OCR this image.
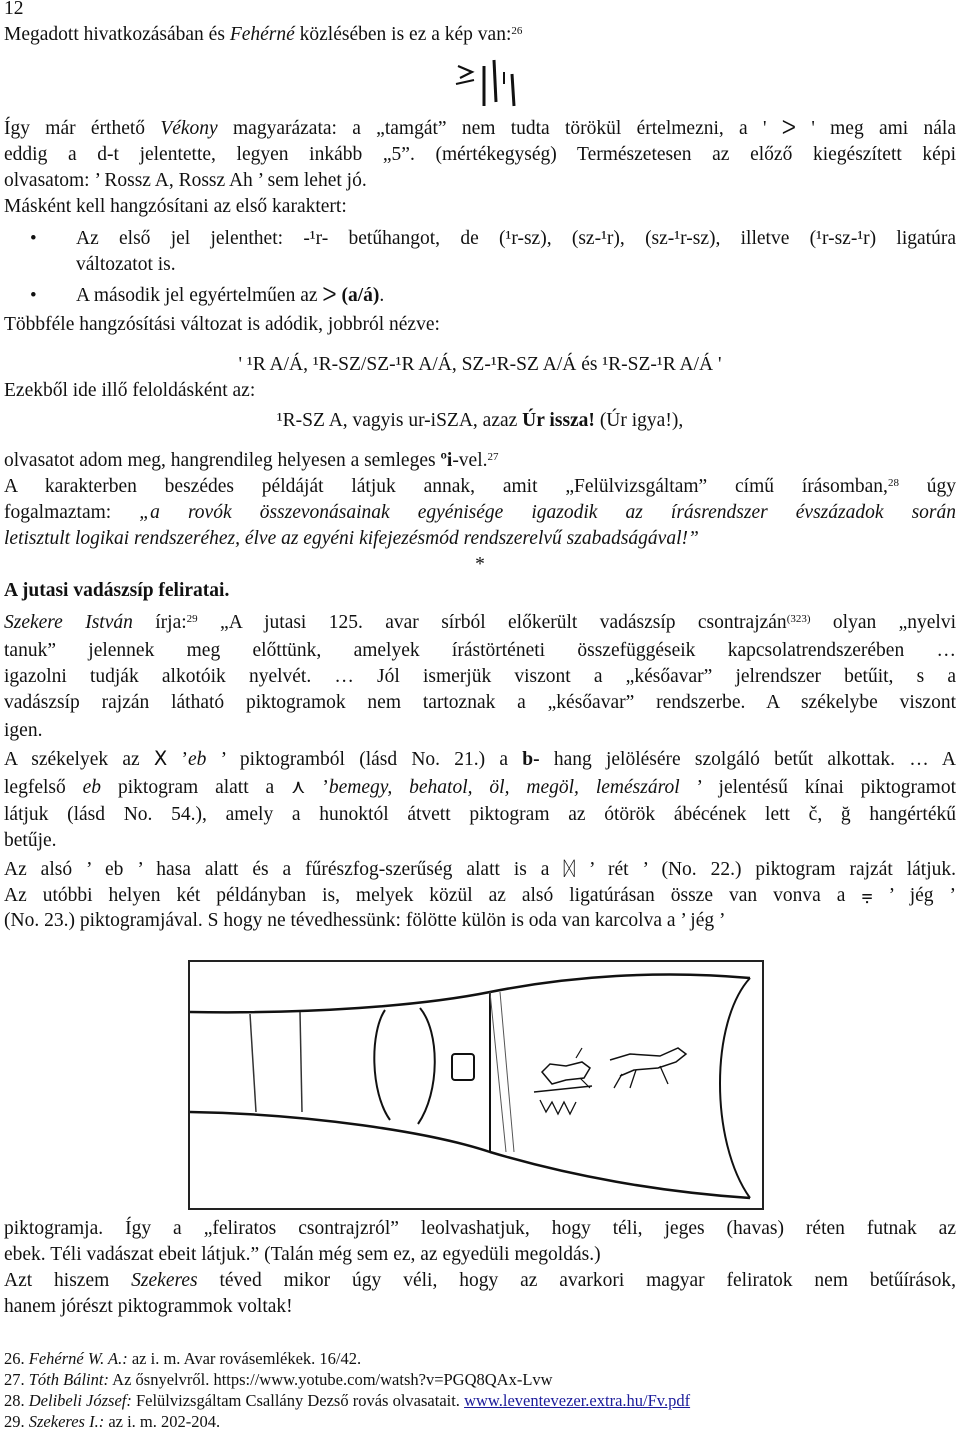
12
Megadott hivatkozásában és Fehérné közlésében is ez a kép van:$^{26}$
Így már érthető Vékony magyarázata: a „tamgát” nem tudta törökül értelmezni, a ' ᐳ ' meg ami nála
eddig a d-t jelentette, legyen inkább „5”. (mértékegység) Természetesen az előző kiegészített képi
olvasatom: ’ Rossz A, Rossz Ah ’ sem lehet jó.
Másként kell hangzósítani az első karaktert:
• Az első jel jelenthet: -¹r- betűhangot, de (¹r-sz), (sz-¹r), (sz-¹r-sz), illetve (¹r-sz-¹r) ligatúra
változatot is.
• A második jel egyértelműen az ᐳ (a/á).
Többféle hangzósítási változat is adódik, jobbról nézve:
' ¹R A/Á, ¹R-SZ/SZ-¹R A/Á, SZ-¹R-SZ A/Á és ¹R-SZ-¹R A/Á '
Ezekből ide illő feloldásként az:
¹R-SZ A, vagyis ur-iSZA, azaz Úr issza! (Úr igya!),
olvasatot adom meg, hangrendileg helyesen a semleges ºi-vel.$^{27}$
A karakterben beszédes példáját látjuk annak, amit „Felülvizsgáltam” című írásomban,$^{28}$ úgy
fogalmaztam: „a rovók összevonásainak egyénisége igazodik az írásrendszer évszázadok során
letisztult logikai rendszeréhez, élve az egyéni kifejezésmód rendszerelvű szabadságával!”
*
A jutasi vadászsíp feliratai.
Szekere István írja:$^{29}$ „A jutasi 125. avar sírból előkerült vadászsíp csontrajzán$^{(323)}$ olyan „nyelvi
tanuk” jelennek meg előttünk, amelyek írástörténeti összefüggéseik kapcsolatrendszerében …
igazolni tudják alkotóik nyelvét. … Jól ismerjük viszont a „későavar” jelrendszer betűit, s a
vadászsíp rajzán látható piktogramok nem tartoznak a „későavar” rendszerbe. A székelybe viszont
igen.
A székelyek az X ’eb ’ piktogramból (lásd No. 21.) a b- hang jelölésére szolgáló betűt alkottak. … A
legfelső eb piktogram alatt a ⋏ ’bemegy, behatol, öl, megöl, lemészárol ’ jelentésű kínai piktogramot
látjuk (lásd No. 54.), amely a hunoktól átvett piktogram az ótörök ábécének lett č, ğ hangértékű
betűje.
Az alsó ’ eb ’ hasa alatt és a fűrészfog-szerűség alatt is a ᛞ ’ rét ’ (No. 22.) piktogram rajzát látjuk.
Az utóbbi helyen két példányban is, melyek közül az alsó ligatúrásan össze van vonva a ⩦ ’ jég ’
(No. 23.) piktogramjával. S hogy ne tévedhessünk: fölötte külön is oda van karcolva a ’ jég ’
piktogramja. Így a „feliratos csontrajzról” leolvashatjuk, hogy téli, jeges (havas) réten futnak az
ebek. Téli vadászat ebeit látjuk.” (Talán még sem ez, az egyedüli megoldás.)
Azt hiszem Szekeres téved mikor úgy véli, hogy az avarkori magyar feliratok nem betűírások,
hanem jórészt piktogrammok voltak!
26. Fehérné W. A.: az i. m. Avar rovásemlékek. 16/42.
27. Tóth Bálint: Az ősnyelvről. https://www.yotube.com/watsh?v=PGQ8QAx-Lvw
28. Delibeli József: Felülvizsgáltam Csallány Dezső rovás olvasatait. www.leventevezer.extra.hu/Fv.pdf
29. Szekeres I.: az i. m. 202-204.
